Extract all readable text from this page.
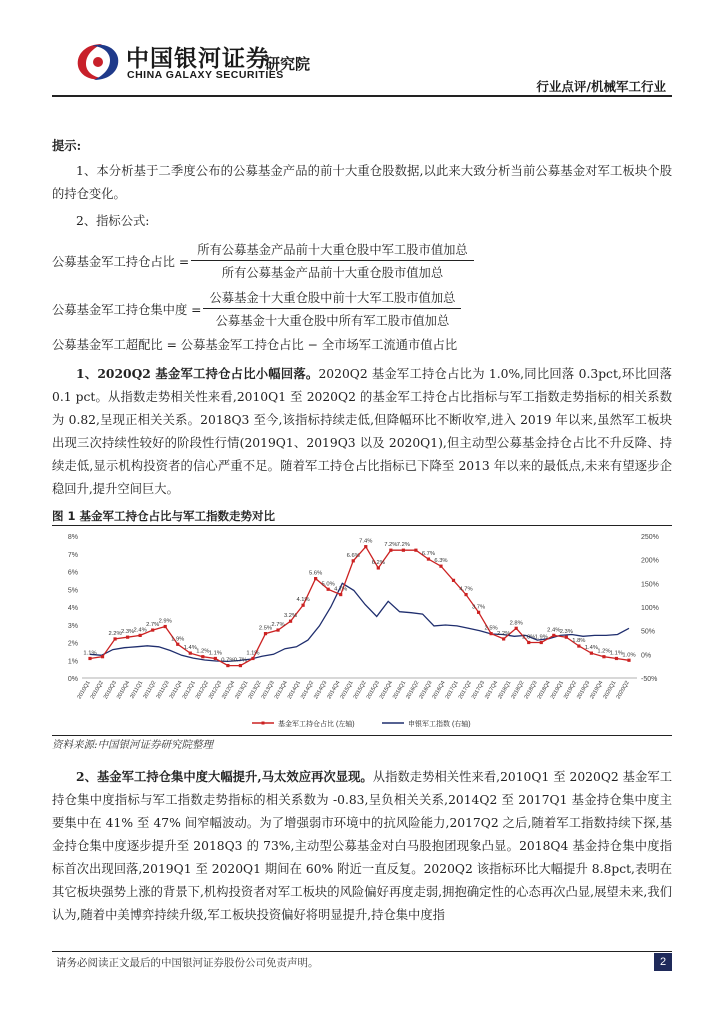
中国银河证券
CHINA GALAXY SECURITIES
研究院
行业点评/机械军工行业
提示:
1、本分析基于二季度公布的公募基金产品的前十大重仓股数据,以此来大致分析当前公募基金对军工板块个股的持仓变化。
2、指标公式:
公募基金军工持仓占比 = $\frac{\text{所有公募基金产品前十大重仓股中军工股市值加总}}{\text{所有公募基金产品前十大重仓股市值加总}}$
公募基金军工持仓集中度 = $\frac{\text{公募基金十大重仓股中前十大军工股市值加总}}{\text{公募基金十大重仓股中所有军工股市值加总}}$
公募基金军工超配比 = 公募基金军工持仓占比 − 全市场军工流通市值占比
1、2020Q2 基金军工持仓占比小幅回落。2020Q2 基金军工持仓占比为 1.0%,同比回落 0.3pct,环比回落 0.1 pct。从指数走势相关性来看,2010Q1 至 2020Q2 的基金军工持仓占比指标与军工指数走势指标的相关系数为 0.82,呈现正相关关系。2018Q3 至今,该指标持续走低,但降幅环比不断收窄,进入 2019 年以来,虽然军工板块出现三次持续性较好的阶段性行情(2019Q1、2019Q3 以及 2020Q1),但主动型公募基金持仓占比不升反降、持续走低,显示机构投资者的信心严重不足。随着军工持仓占比指标已下降至 2013 年以来的最低点,未来有望逐步企稳回升,提升空间巨大。
图 1 基金军工持仓占比与军工指数走势对比
0%
1%
2%
3%
4%
5%
6%
7%
8%
-50%
0%
50%
100%
150%
200%
250%
2010Q1
2010Q2
2010Q3
2010Q4
2011Q1
2011Q2
2011Q3
2011Q4
2012Q1
2012Q2
2012Q3
2012Q4
2013Q1
2013Q2
2013Q3
2013Q4
2014Q1
2014Q2
2014Q3
2014Q4
2015Q1
2015Q2
2015Q3
2015Q4
2016Q1
2016Q2
2016Q3
2016Q4
2017Q1
2017Q2
2017Q3
2017Q4
2018Q1
2018Q2
2018Q3
2018Q4
2019Q1
2019Q2
2019Q3
2019Q4
2020Q1
2020Q2
1.1%
2.2% 2.3% 2.4%
2.7%
2.9%
1.9%
1.4%
1.2% 1.1%
0.7% 0.7%
1.1%
2.5%
2.7%
3.2%
4.1%
5.6%
5.0%
4.7%
6.6%
7.4%
6.2%
7.2% 7.2%
6.7%
6.3%
4.7%
3.7%
2.5%
2.2%
2.8%
2.0% 1.9%
2.4% 2.3%
1.8%
1.4%
1.2% 1.1% 1.0%
基金军工持仓占比 (左轴)	申银军工指数 (右轴)
资料来源:中国银河证券研究院整理
2、基金军工持仓集中度大幅提升,马太效应再次显现。从指数走势相关性来看,2010Q1 至 2020Q2 基金军工持仓集中度指标与军工指数走势指标的相关系数为 -0.83,呈负相关关系,2014Q2 至 2017Q1 基金持仓集中度主要集中在 41% 至 47% 间窄幅波动。为了增强弱市环境中的抗风险能力,2017Q2 之后,随着军工指数持续下探,基金持仓集中度逐步提升至 2018Q3 的 73%,主动型公募基金对白马股抱团现象凸显。2018Q4 基金持仓集中度指标首次出现回落,2019Q1 至 2020Q1 期间在 60% 附近一直反复。2020Q2 该指标环比大幅提升 8.8pct,表明在其它板块强势上涨的背景下,机构投资者对军工板块的风险偏好再度走弱,拥抱确定性的心态再次凸显,展望未来,我们认为,随着中美博弈持续升级,军工板块投资偏好将明显提升,持仓集中度指
请务必阅读正文最后的中国银河证券股份公司免责声明。	2
